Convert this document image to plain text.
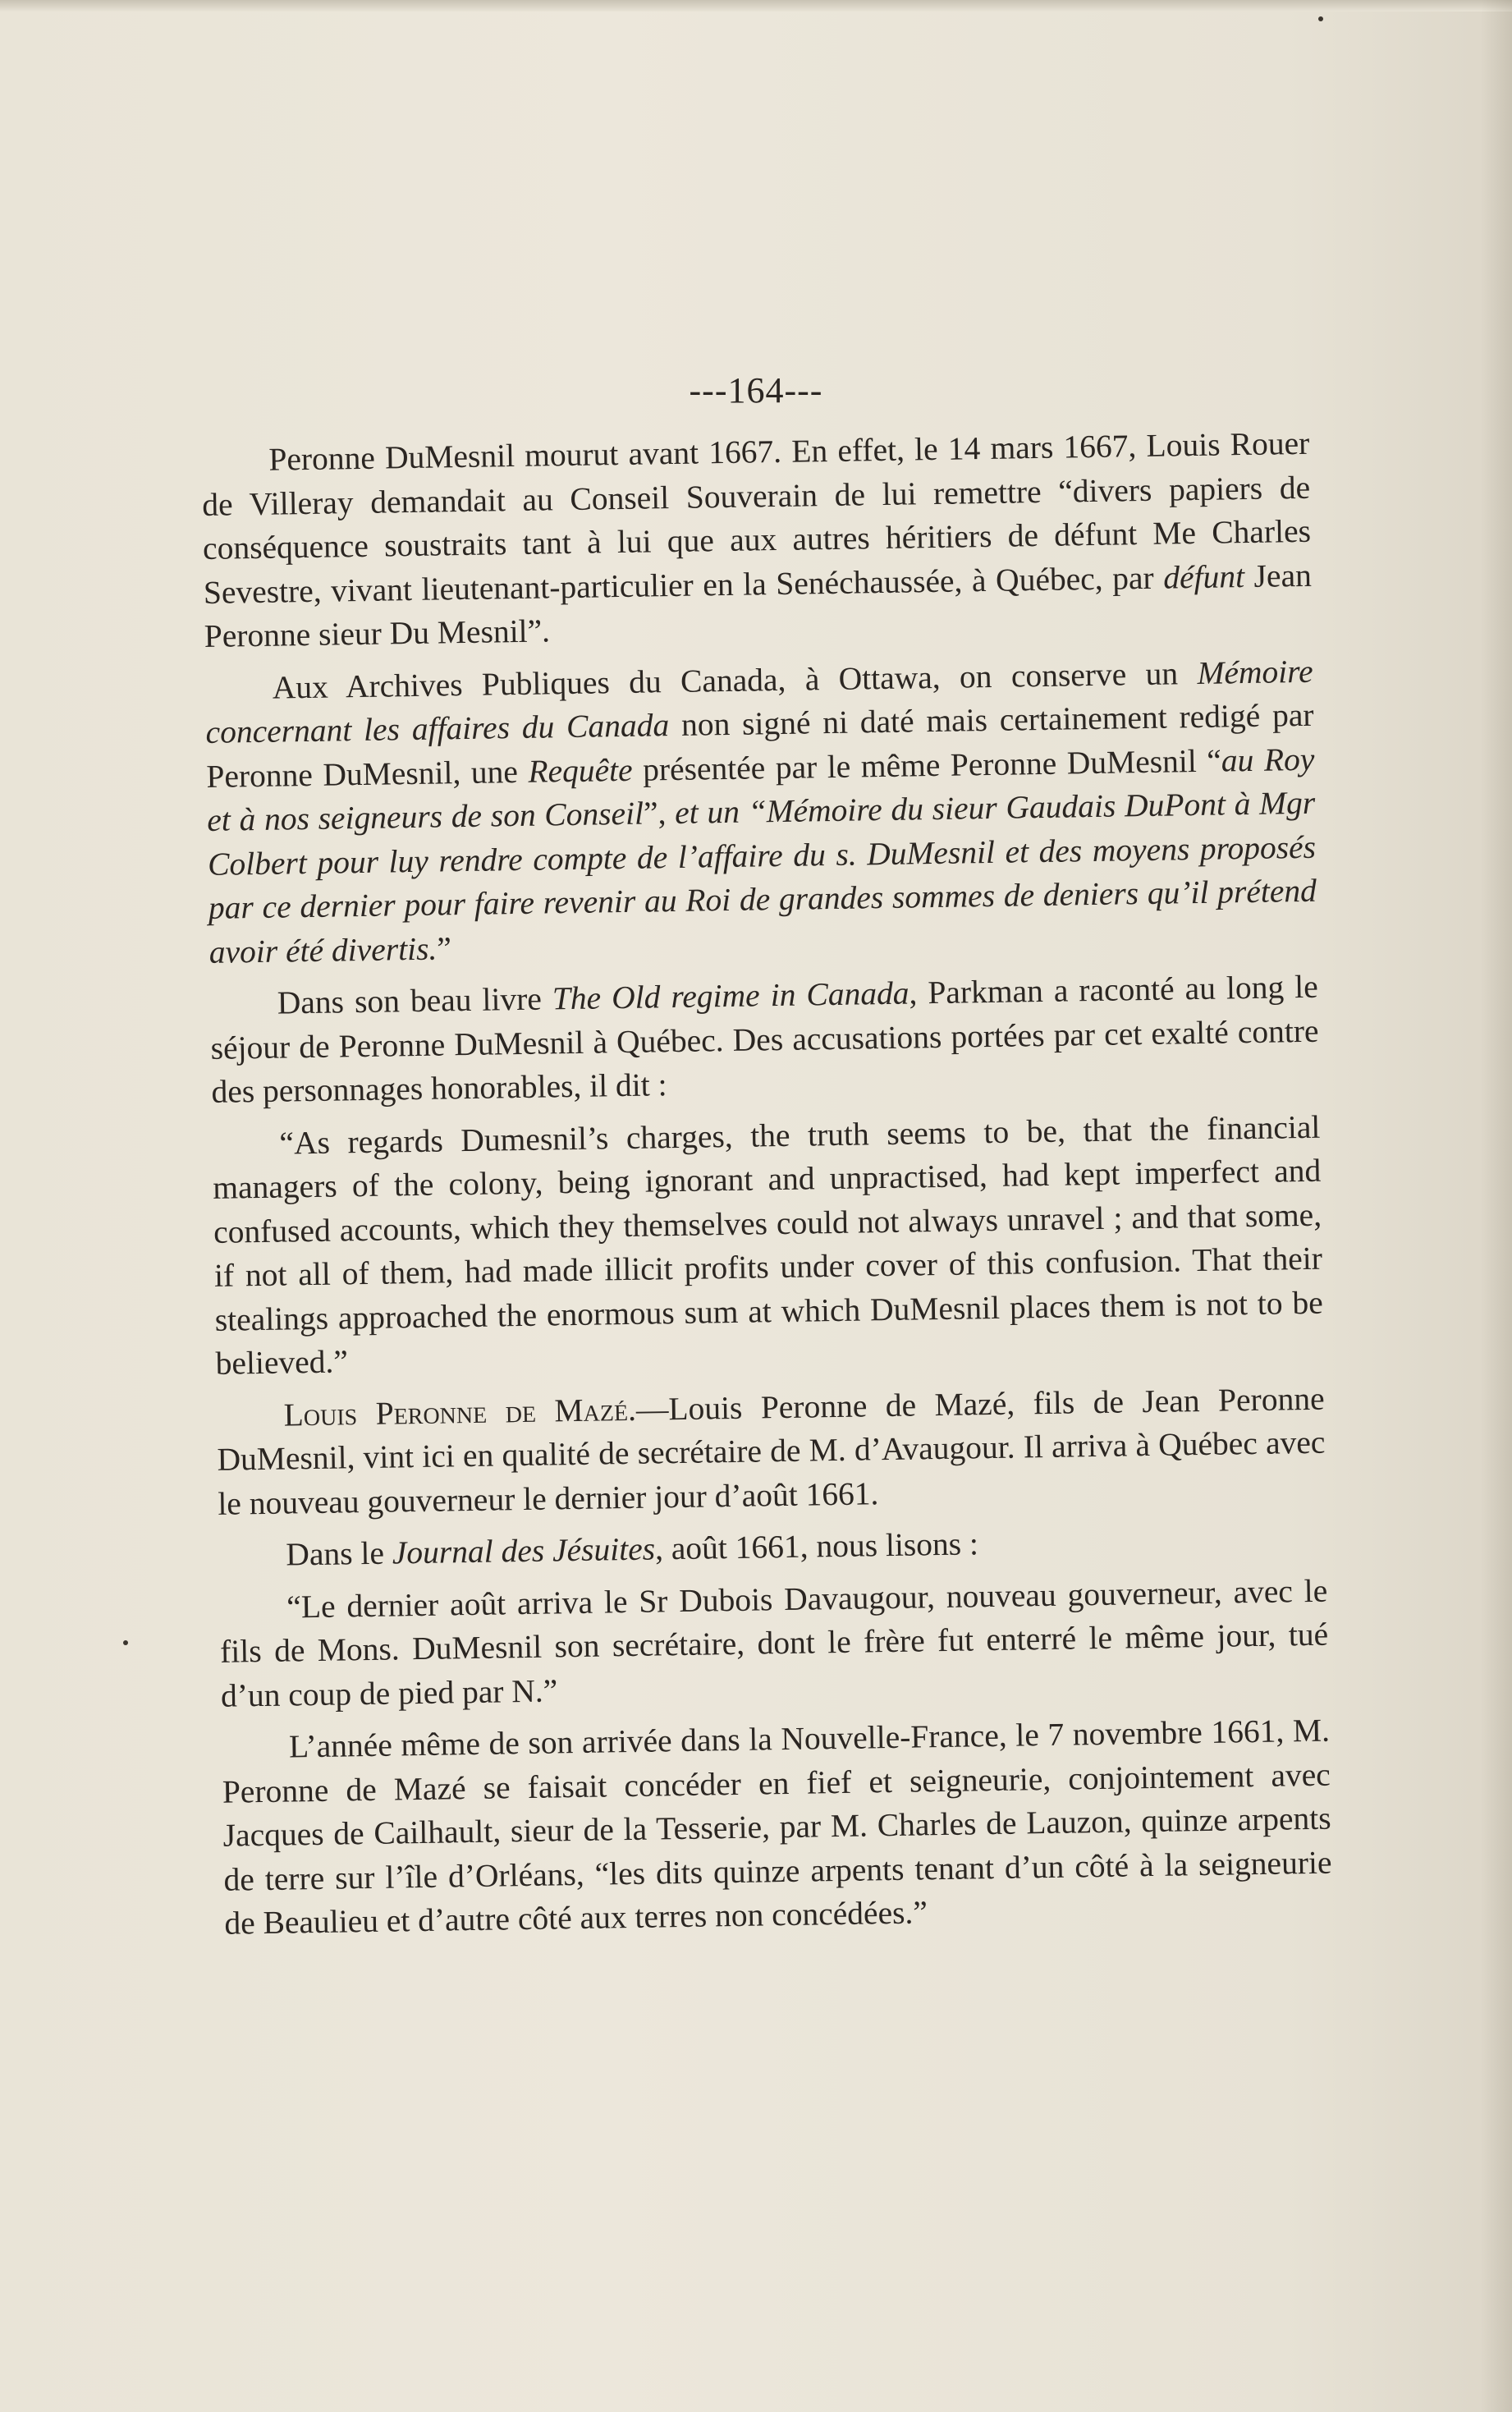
---164---

Peronne DuMesnil mourut avant 1667. En effet, le 14 mars 1667, Louis Rouer de Villeray demandait au Conseil Souverain de lui remettre “divers papiers de conséquence soustraits tant à lui que aux autres héritiers de défunt Me Charles Sevestre, vivant lieutenant-particulier en la Senéchaussée, à Québec, par défunt Jean Peronne sieur Du Mesnil”.

Aux Archives Publiques du Canada, à Ottawa, on conserve un Mémoire concernant les affaires du Canada non signé ni daté mais certainement redigé par Peronne DuMesnil, une Requête présentée par le même Peronne DuMesnil “au Roy et à nos seigneurs de son Conseil”, et un “Mémoire du sieur Gaudais DuPont à Mgr Colbert pour luy rendre compte de l’affaire du s. DuMesnil et des moyens proposés par ce dernier pour faire revenir au Roi de grandes sommes de deniers qu’il prétend avoir été divertis.”

Dans son beau livre The Old regime in Canada, Parkman a raconté au long le séjour de Peronne DuMesnil à Québec. Des accusations portées par cet exalté contre des personnages honorables, il dit :

“As regards Dumesnil’s charges, the truth seems to be, that the financial managers of the colony, being ignorant and unpractised, had kept imperfect and confused accounts, which they themselves could not always unravel ; and that some, if not all of them, had made illicit profits under cover of this confusion. That their stealings approached the enormous sum at which DuMesnil places them is not to be believed.”

Louis Peronne de Mazé.—Louis Peronne de Mazé, fils de Jean Peronne DuMesnil, vint ici en qualité de secrétaire de M. d’Avaugour. Il arriva à Québec avec le nouveau gouverneur le dernier jour d’août 1661.

Dans le Journal des Jésuites, août 1661, nous lisons :

“Le dernier août arriva le Sr Dubois Davaugour, nouveau gouverneur, avec le fils de Mons. DuMesnil son secrétaire, dont le frère fut enterré le même jour, tué d’un coup de pied par N.”

L’année même de son arrivée dans la Nouvelle-France, le 7 novembre 1661, M. Peronne de Mazé se faisait concéder en fief et seigneurie, conjointement avec Jacques de Cailhault, sieur de la Tesserie, par M. Charles de Lauzon, quinze arpents de terre sur l’île d’Orléans, “les dits quinze arpents tenant d’un côté à la seigneurie de Beaulieu et d’autre côté aux terres non concédées.”
